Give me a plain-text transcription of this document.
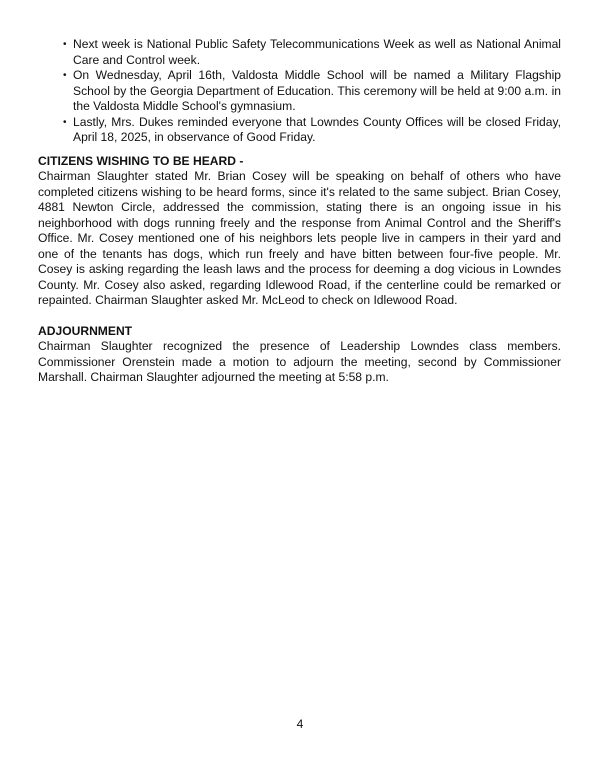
• Next week is National Public Safety Telecommunications Week as well as National Animal Care and Control week.
• On Wednesday, April 16th, Valdosta Middle School will be named a Military Flagship School by the Georgia Department of Education. This ceremony will be held at 9:00 a.m. in the Valdosta Middle School's gymnasium.
• Lastly, Mrs. Dukes reminded everyone that Lowndes County Offices will be closed Friday, April 18, 2025, in observance of Good Friday.
CITIZENS WISHING TO BE HEARD -

Chairman Slaughter stated Mr. Brian Cosey will be speaking on behalf of others who have completed citizens wishing to be heard forms, since it's related to the same subject. Brian Cosey, 4881 Newton Circle, addressed the commission, stating there is an ongoing issue in his neighborhood with dogs running freely and the response from Animal Control and the Sheriff's Office. Mr. Cosey mentioned one of his neighbors lets people live in campers in their yard and one of the tenants has dogs, which run freely and have bitten between four-five people. Mr. Cosey is asking regarding the leash laws and the process for deeming a dog vicious in Lowndes County. Mr. Cosey also asked, regarding Idlewood Road, if the centerline could be remarked or repainted. Chairman Slaughter asked Mr. McLeod to check on Idlewood Road.

ADJOURNMENT

Chairman Slaughter recognized the presence of Leadership Lowndes class members. Commissioner Orenstein made a motion to adjourn the meeting, second by Commissioner Marshall. Chairman Slaughter adjourned the meeting at 5:58 p.m.

4
